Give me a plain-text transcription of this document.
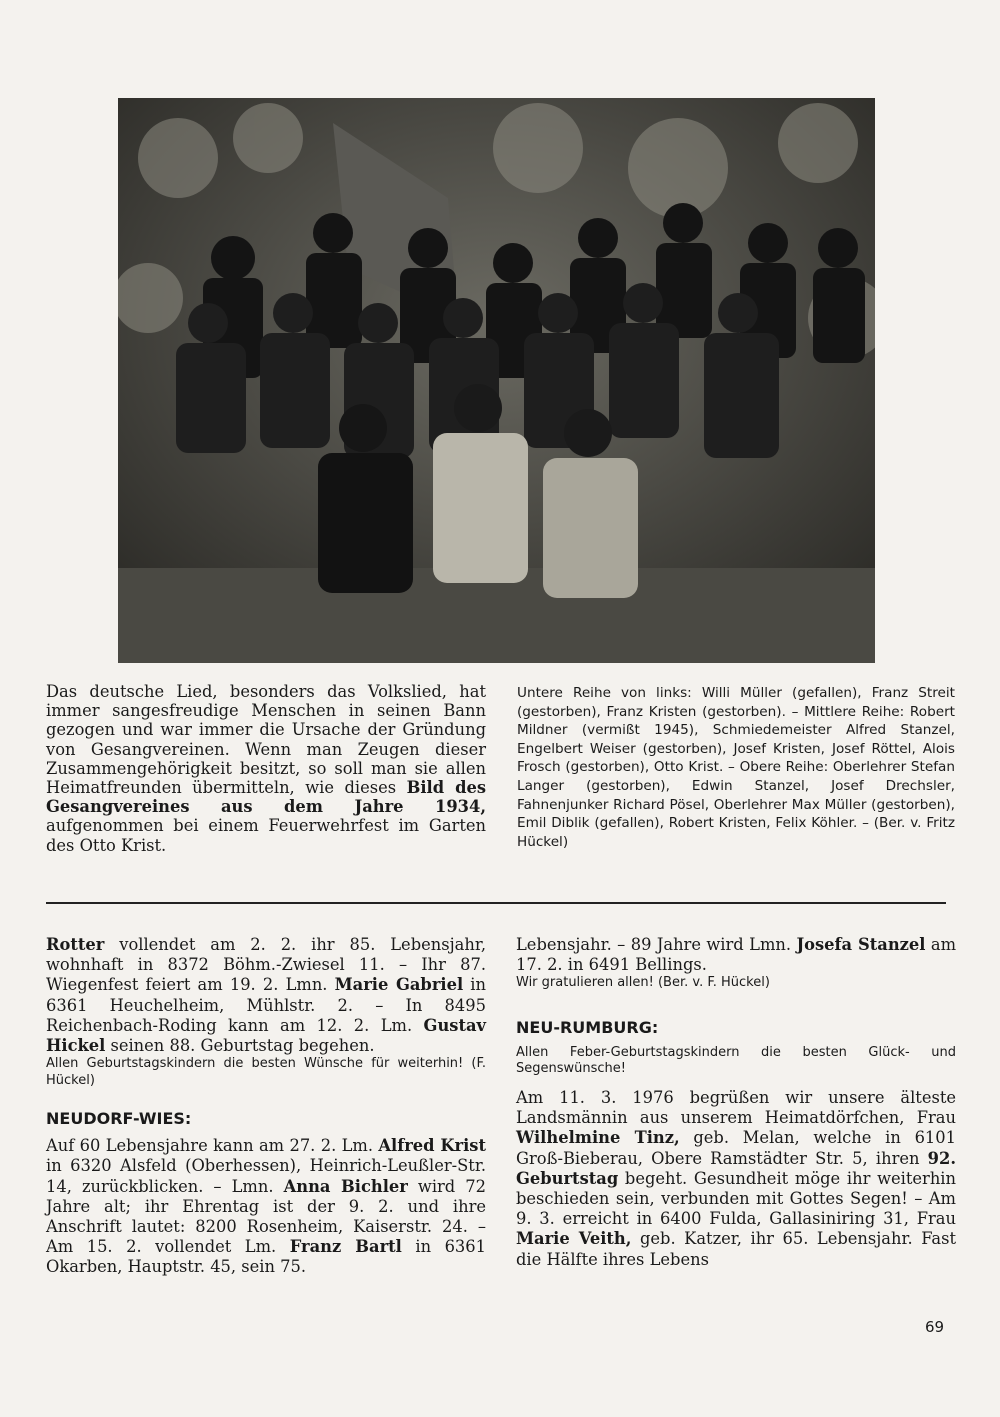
Das deutsche Lied, besonders das Volkslied, hat immer sangesfreudige Menschen in seinen Bann gezogen und war immer die Ursache der Gründung von Gesangvereinen. Wenn man Zeugen dieser Zusammengehörigkeit besitzt, so soll man sie allen Heimatfreunden übermitteln, wie dieses Bild des Gesangvereines aus dem Jahre 1934, aufgenommen bei einem Feuerwehrfest im Garten des Otto Krist.
Untere Reihe von links: Willi Müller (gefallen), Franz Streit (gestorben), Franz Kristen (gestorben). – Mittlere Reihe: Robert Mildner (vermißt 1945), Schmiedemeister Alfred Stanzel, Engelbert Weiser (gestorben), Josef Kristen, Josef Röttel, Alois Frosch (gestorben), Otto Krist. – Obere Reihe: Oberlehrer Stefan Langer (gestorben), Edwin Stanzel, Josef Drechsler, Fahnenjunker Richard Pösel, Oberlehrer Max Müller (gestorben), Emil Diblik (gefallen), Robert Kristen, Felix Köhler. – (Ber. v. Fritz Hückel)

Rotter vollendet am 2. 2. ihr 85. Lebensjahr, wohnhaft in 8372 Böhm.-Zwiesel 11. – Ihr 87. Wiegenfest feiert am 19. 2. Lmn. Marie Gabriel in 6361 Heuchelheim, Mühlstr. 2. – In 8495 Reichenbach-Roding kann am 12. 2. Lm. Gustav Hickel seinen 88. Geburtstag begehen.

Allen Geburtstagskindern die besten Wünsche für weiterhin! (F. Hückel)

NEUDORF-WIES:

Auf 60 Lebensjahre kann am 27. 2. Lm. Alfred Krist in 6320 Alsfeld (Oberhessen), Heinrich-Leußler-Str. 14, zurückblicken. – Lmn. Anna Bichler wird 72 Jahre alt; ihr Ehrentag ist der 9. 2. und ihre Anschrift lautet: 8200 Rosenheim, Kaiserstr. 24. – Am 15. 2. vollendet Lm. Franz Bartl in 6361 Okarben, Hauptstr. 45, sein 75.

Lebensjahr. – 89 Jahre wird Lmn. Josefa Stanzel am 17. 2. in 6491 Bellings.

Wir gratulieren allen! (Ber. v. F. Hückel)

NEU-RUMBURG:

Allen Feber-Geburtstagskindern die besten Glück- und Segenswünsche!

Am 11. 3. 1976 begrüßen wir unsere älteste Landsmännin aus unserem Heimatdörfchen, Frau Wilhelmine Tinz, geb. Melan, welche in 6101 Groß-Bieberau, Obere Ramstädter Str. 5, ihren 92. Geburtstag begeht. Gesundheit möge ihr weiterhin beschieden sein, verbunden mit Gottes Segen! – Am 9. 3. erreicht in 6400 Fulda, Gallasiniring 31, Frau Marie Veith, geb. Katzer, ihr 65. Lebensjahr. Fast die Hälfte ihres Lebens

69
